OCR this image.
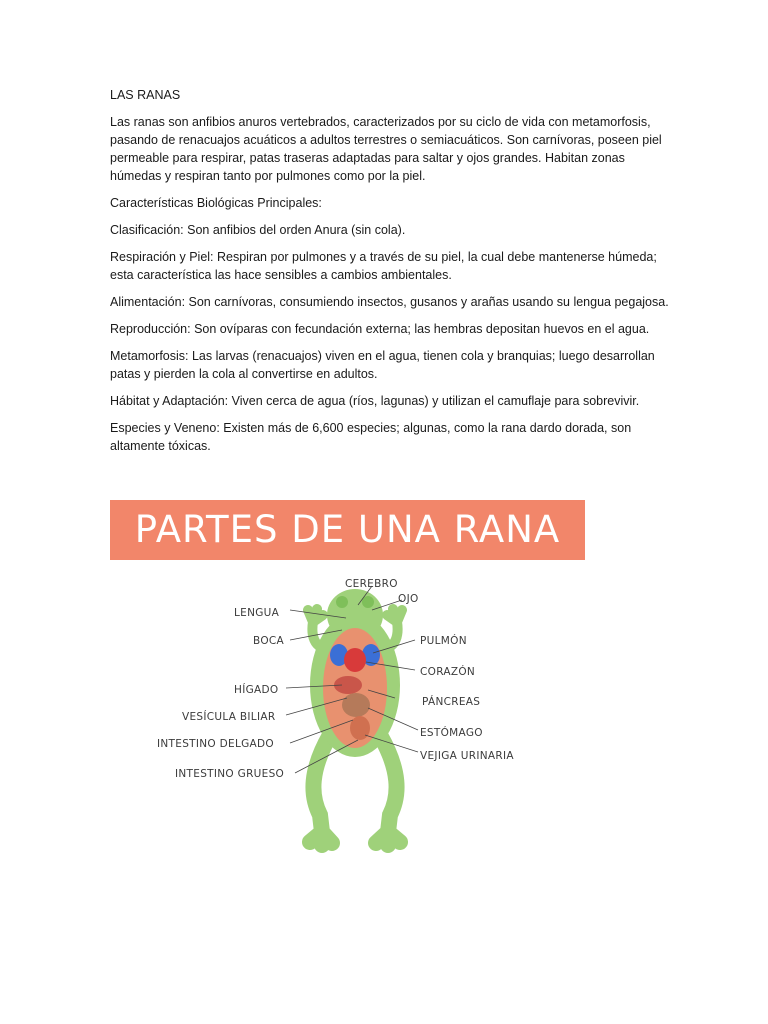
LAS RANAS

Las ranas son anfibios anuros vertebrados, caracterizados por su ciclo de vida con metamorfosis, pasando de renacuajos acuáticos a adultos terrestres o semiacuáticos. Son carnívoras, poseen piel permeable para respirar, patas traseras adaptadas para saltar y ojos grandes. Habitan zonas húmedas y respiran tanto por pulmones como por la piel.

Características Biológicas Principales:

Clasificación: Son anfibios del orden Anura (sin cola).

Respiración y Piel: Respiran por pulmones y a través de su piel, la cual debe mantenerse húmeda; esta característica las hace sensibles a cambios ambientales.

Alimentación: Son carnívoras, consumiendo insectos, gusanos y arañas usando su lengua pegajosa.

Reproducción: Son ovíparas con fecundación externa; las hembras depositan huevos en el agua.

Metamorfosis: Las larvas (renacuajos) viven en el agua, tienen cola y branquias; luego desarrollan patas y pierden la cola al convertirse en adultos.

Hábitat y Adaptación: Viven cerca de agua (ríos, lagunas) y utilizan el camuflaje para sobrevivir.

Especies y Veneno: Existen más de 6,600 especies; algunas, como la rana dardo dorada, son altamente tóxicas.

PARTES DE UNA RANA
CEREBRO
OJO
LENGUA
BOCA	PULMÓN
CORAZÓN
HÍGADO
PÁNCREAS
VESÍCULA BILIAR
ESTÓMAGO
INTESTINO DELGADO
VEJIGA URINARIA
INTESTINO GRUESO
